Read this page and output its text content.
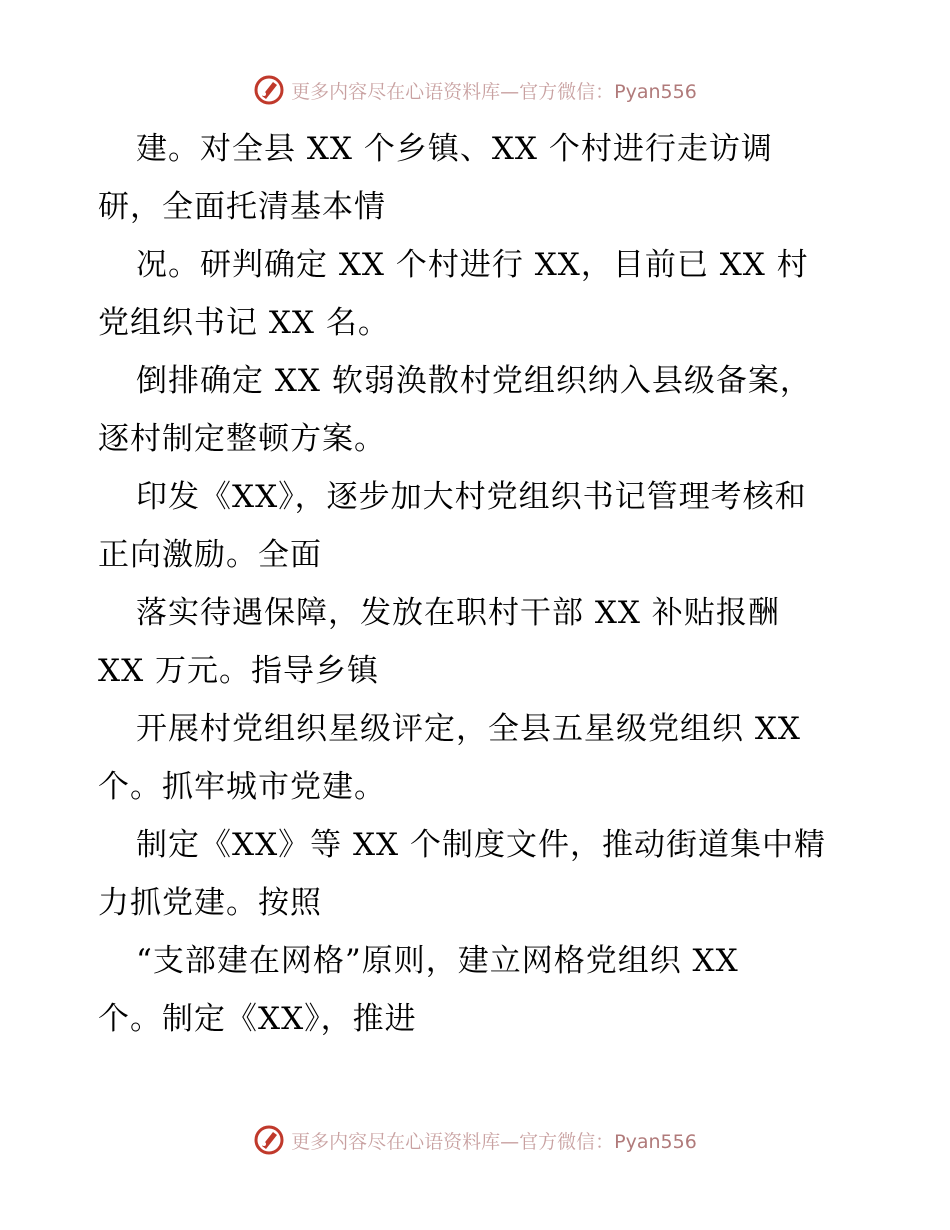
更多内容尽在心语资料库—官方微信：Pyan556
建。对全县 XX 个乡镇、XX 个村进行走访调
研，全面托清基本情
况。研判确定 XX 个村进行 XX，目前已 XX 村
党组织书记 XX 名。
倒排确定 XX 软弱涣散村党组织纳入县级备案，
逐村制定整顿方案。
印发《XX》，逐步加大村党组织书记管理考核和
正向激励。全面
落实待遇保障，发放在职村干部 XX 补贴报酬
XX 万元。指导乡镇
开展村党组织星级评定，全县五星级党组织 XX
个。抓牢城市党建。
制定《XX》等 XX 个制度文件，推动街道集中精
力抓党建。按照
“支部建在网格”原则，建立网格党组织 XX
个。制定《XX》，推进
更多内容尽在心语资料库—官方微信：Pyan556
